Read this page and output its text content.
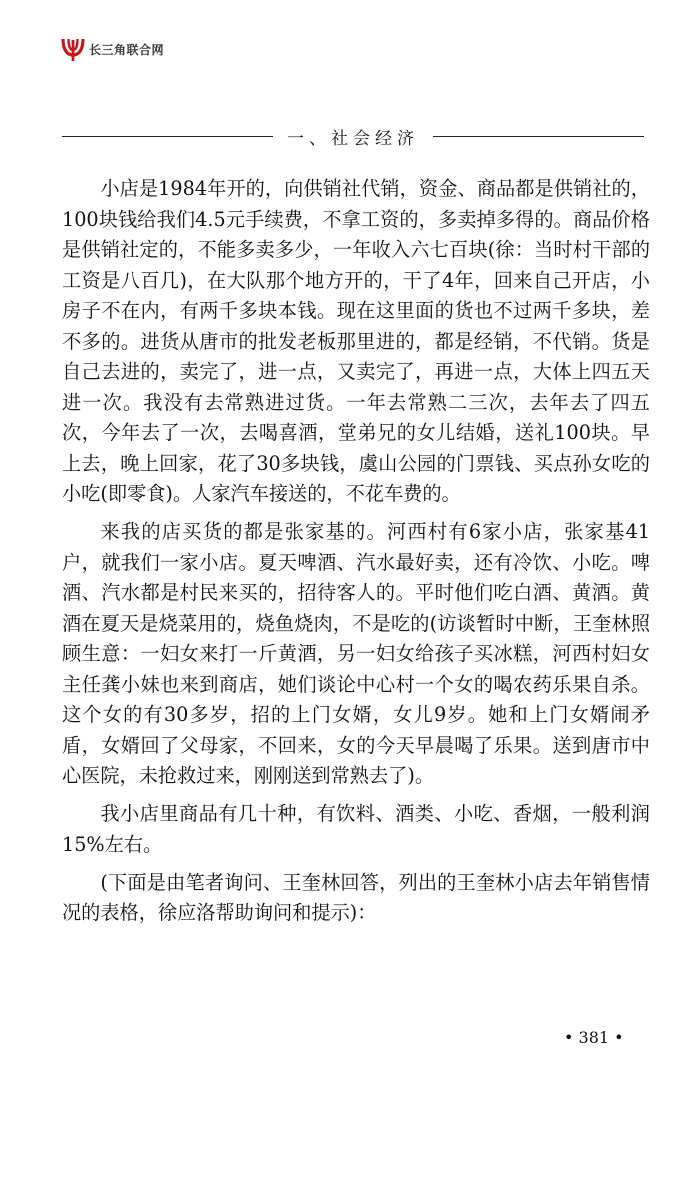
长三角联合网
一、社会经济

小店是1984年开的，向供销社代销，资金、商品都是供销社的，100块钱给我们4.5元手续费，不拿工资的，多卖掉多得的。商品价格是供销社定的，不能多卖多少，一年收入六七百块(徐：当时村干部的工资是八百几)，在大队那个地方开的，干了4年，回来自己开店，小房子不在内，有两千多块本钱。现在这里面的货也不过两千多块，差不多的。进货从唐市的批发老板那里进的，都是经销，不代销。货是自己去进的，卖完了，进一点，又卖完了，再进一点，大体上四五天进一次。我没有去常熟进过货。一年去常熟二三次，去年去了四五次，今年去了一次，去喝喜酒，堂弟兄的女儿结婚，送礼100块。早上去，晚上回家，花了30多块钱，虞山公园的门票钱、买点孙女吃的小吃(即零食)。人家汽车接送的，不花车费的。

来我的店买货的都是张家基的。河西村有6家小店，张家基41户，就我们一家小店。夏天啤酒、汽水最好卖，还有冷饮、小吃。啤酒、汽水都是村民来买的，招待客人的。平时他们吃白酒、黄酒。黄酒在夏天是烧菜用的，烧鱼烧肉，不是吃的(访谈暂时中断，王奎林照顾生意：一妇女来打一斤黄酒，另一妇女给孩子买冰糕，河西村妇女主任龚小妹也来到商店，她们谈论中心村一个女的喝农药乐果自杀。这个女的有30多岁，招的上门女婿，女儿9岁。她和上门女婿闹矛盾，女婿回了父母家，不回来，女的今天早晨喝了乐果。送到唐市中心医院，未抢救过来，刚刚送到常熟去了)。

我小店里商品有几十种，有饮料、酒类、小吃、香烟，一般利润15%左右。

(下面是由笔者询问、王奎林回答，列出的王奎林小店去年销售情况的表格，徐应洛帮助询问和提示)：

• 381 •
